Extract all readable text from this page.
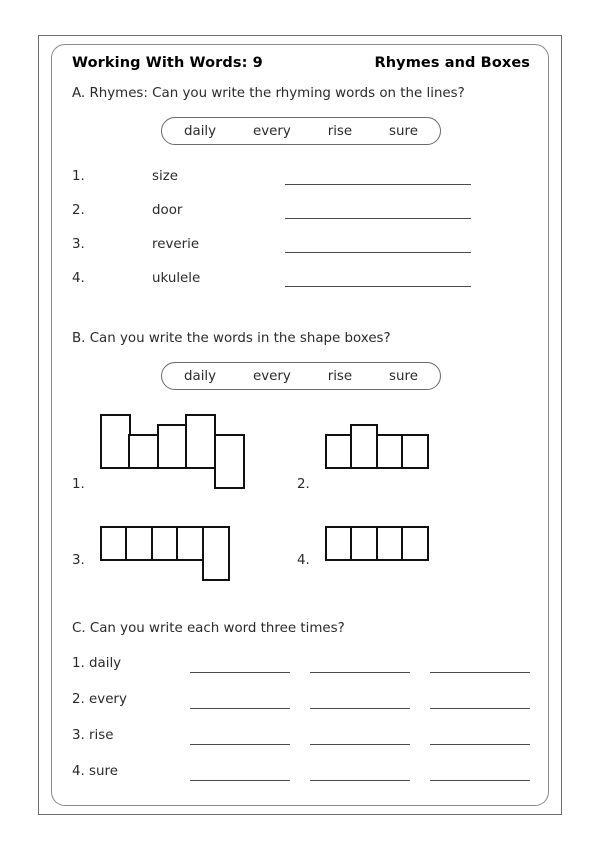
Working With Words: 9	Rhymes and Boxes
A. Rhymes: Can you write the rhyming words on the lines?
daily	every	rise	sure
1.	size
2.	door
3.	reverie
4.	ukulele
B. Can you write the words in the shape boxes?
daily	every	rise	sure
1.	2.
3.	4.
C. Can you write each word three times?
1. daily
2. every
3. rise
4. sure
